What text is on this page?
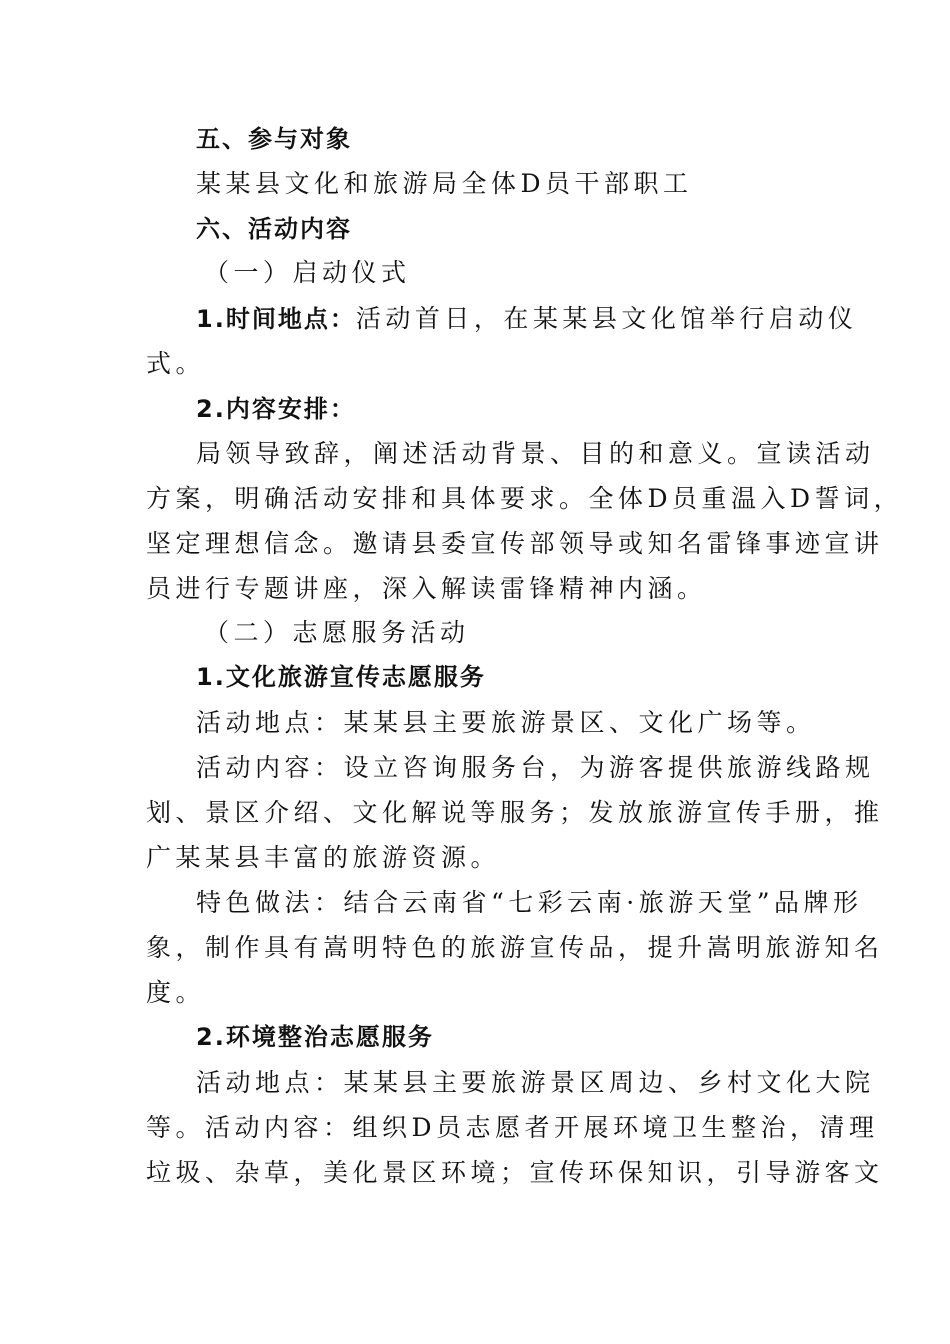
五、参与对象
某某县文化和旅游局全体D员干部职工
六、活动内容
（一）启动仪式
1.时间地点：活动首日，在某某县文化馆举行启动仪
式。
2.内容安排：
局领导致辞，阐述活动背景、目的和意义。宣读活动
方案，明确活动安排和具体要求。全体D员重温入D誓词，
坚定理想信念。邀请县委宣传部领导或知名雷锋事迹宣讲
员进行专题讲座，深入解读雷锋精神内涵。
（二）志愿服务活动
1.文化旅游宣传志愿服务
活动地点：某某县主要旅游景区、文化广场等。
活动内容：设立咨询服务台，为游客提供旅游线路规
划、景区介绍、文化解说等服务；发放旅游宣传手册，推
广某某县丰富的旅游资源。
特色做法：结合云南省“七彩云南·旅游天堂”品牌形
象，制作具有嵩明特色的旅游宣传品，提升嵩明旅游知名
度。
2.环境整治志愿服务
活动地点：某某县主要旅游景区周边、乡村文化大院
等。活动内容：组织D员志愿者开展环境卫生整治，清理
垃圾、杂草，美化景区环境；宣传环保知识，引导游客文
